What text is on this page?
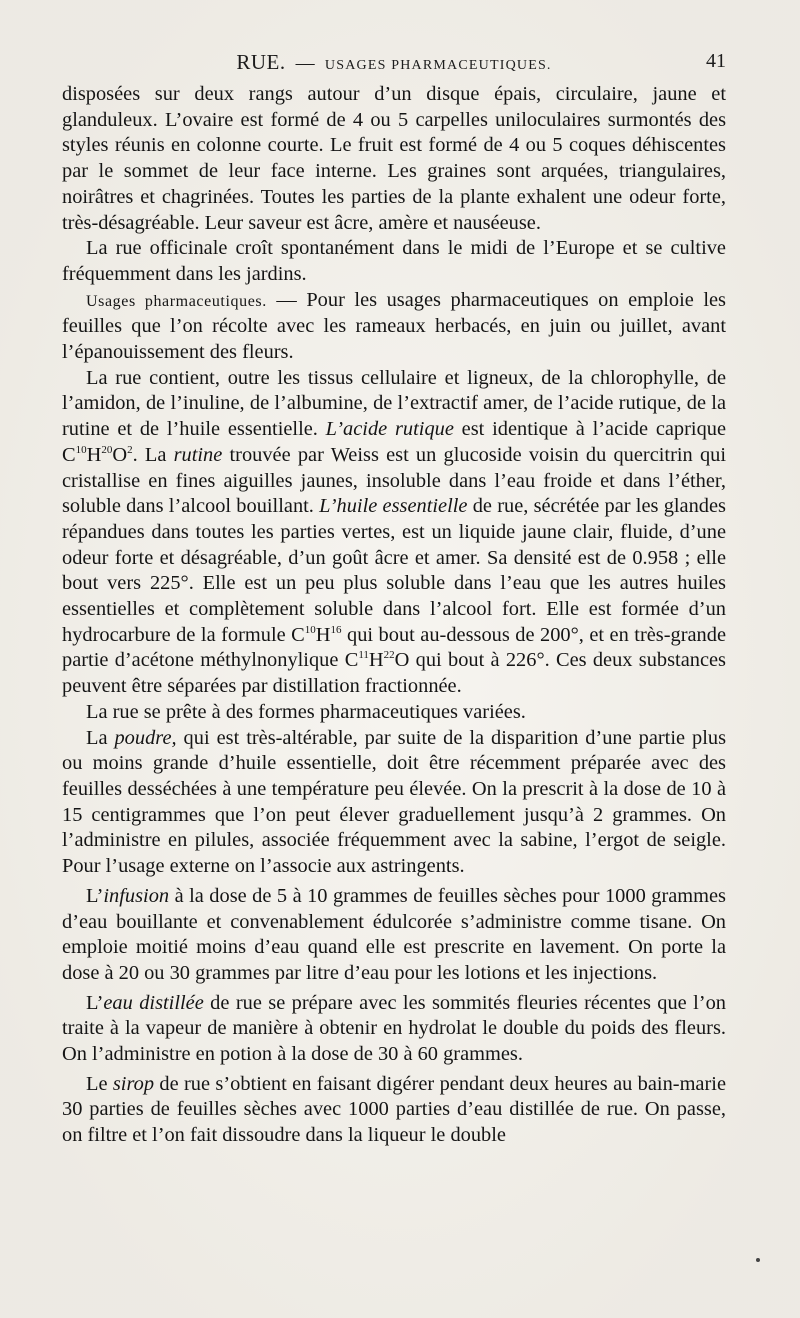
RUE. — USAGES PHARMACEUTIQUES.	41

disposées sur deux rangs autour d’un disque épais, circulaire, jaune et glanduleux. L’ovaire est formé de 4 ou 5 carpelles uniloculaires surmontés des styles réunis en colonne courte. Le fruit est formé de 4 ou 5 coques déhiscentes par le sommet de leur face interne. Les graines sont arquées, triangulaires, noirâtres et chagrinées. Toutes les parties de la plante exhalent une odeur forte, très-désagréable. Leur saveur est âcre, amère et nauséeuse.

La rue officinale croît spontanément dans le midi de l’Europe et se cultive fréquemment dans les jardins.

Usages pharmaceutiques. — Pour les usages pharmaceutiques on emploie les feuilles que l’on récolte avec les rameaux herbacés, en juin ou juillet, avant l’épanouissement des fleurs.

La rue contient, outre les tissus cellulaire et ligneux, de la chlorophylle, de l’amidon, de l’inuline, de l’albumine, de l’extractif amer, de l’acide rutique, de la rutine et de l’huile essentielle. L’acide rutique est identique à l’acide caprique $C^{10}H^{20}O^2$. La rutine trouvée par Weiss est un glucoside voisin du quercitrin qui cristallise en fines aiguilles jaunes, insoluble dans l’eau froide et dans l’éther, soluble dans l’alcool bouillant. L’huile essentielle de rue, sécrétée par les glandes répandues dans toutes les parties vertes, est un liquide jaune clair, fluide, d’une odeur forte et désagréable, d’un goût âcre et amer. Sa densité est de 0.958 ; elle bout vers 225°. Elle est un peu plus soluble dans l’eau que les autres huiles essentielles et complètement soluble dans l’alcool fort. Elle est formée d’un hydrocarbure de la formule $C^{10}H^{16}$ qui bout au-dessous de 200°, et en très-grande partie d’acétone méthylnonylique $C^{11}H^{22}O$ qui bout à 226°. Ces deux substances peuvent être séparées par distillation fractionnée.

La rue se prête à des formes pharmaceutiques variées.

La poudre, qui est très-altérable, par suite de la disparition d’une partie plus ou moins grande d’huile essentielle, doit être récemment préparée avec des feuilles desséchées à une température peu élevée. On la prescrit à la dose de 10 à 15 centigrammes que l’on peut élever graduellement jusqu’à 2 grammes. On l’administre en pilules, associée fréquemment avec la sabine, l’ergot de seigle. Pour l’usage externe on l’associe aux astringents.

L’infusion à la dose de 5 à 10 grammes de feuilles sèches pour 1000 grammes d’eau bouillante et convenablement édulcorée s’administre comme tisane. On emploie moitié moins d’eau quand elle est prescrite en lavement. On porte la dose à 20 ou 30 grammes par litre d’eau pour les lotions et les injections.

L’eau distillée de rue se prépare avec les sommités fleuries récentes que l’on traite à la vapeur de manière à obtenir en hydrolat le double du poids des fleurs. On l’administre en potion à la dose de 30 à 60 grammes.

Le sirop de rue s’obtient en faisant digérer pendant deux heures au bain-marie 30 parties de feuilles sèches avec 1000 parties d’eau distillée de rue. On passe, on filtre et l’on fait dissoudre dans la liqueur le double
